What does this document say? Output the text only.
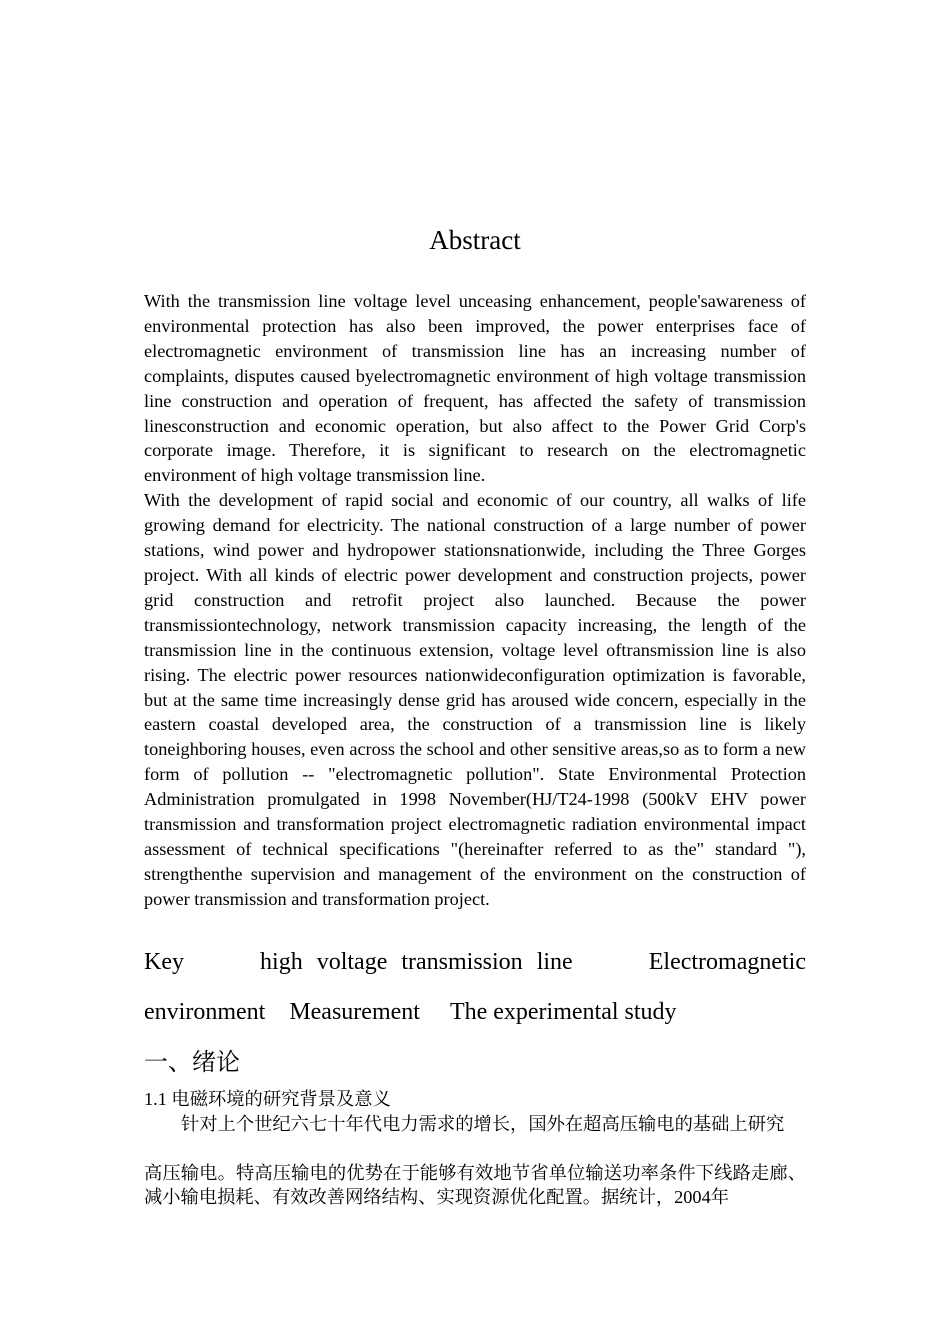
Abstract

With the transmission line voltage level unceasing enhancement, people'sawareness of environmental protection has also been improved, the power enterprises face of electromagnetic environment of transmission line has an increasing number of complaints, disputes caused byelectromagnetic environment of high voltage transmission line construction and operation of frequent, has affected the safety of transmission linesconstruction and economic operation, but also affect to the Power Grid Corp's corporate image. Therefore, it is significant to research on the electromagnetic environment of high voltage transmission line.

With the development of rapid social and economic of our country, all walks of life growing demand for electricity. The national construction of a large number of power stations, wind power and hydropower stationsnationwide, including the Three Gorges project. With all kinds of electric power development and construction projects, power grid construction and retrofit project also launched. Because the power transmissiontechnology, network transmission capacity increasing, the length of the transmission line in the continuous extension, voltage level oftransmission line is also rising. The electric power resources nationwideconfiguration optimization is favorable, but at the same time increasingly dense grid has aroused wide concern, especially in the eastern coastal developed area, the construction of a transmission line is likely toneighboring houses, even across the school and other sensitive areas,so as to form a new form of pollution -- "electromagnetic pollution". State Environmental Protection Administration promulgated in 1998 November(HJ/T24-1998 (500kV EHV power transmission and transformation project electromagnetic radiation environmental impact assessment of technical specifications "(hereinafter referred to as the" standard "), strengthenthe supervision and management of the environment on the construction of power transmission and transformation project.

Key	high voltage transmission line	Electromagnetic
environment Measurement The experimental study
一、绪论
1.1 电磁环境的研究背景及意义
针对上个世纪六七十年代电力需求的增长，国外在超高压输电的基础上研究
高压输电。特高压输电的优势在于能够有效地节省单位输送功率条件下线路走廊、减小输电损耗、有效改善网络结构、实现资源优化配置。据统计，2004年
